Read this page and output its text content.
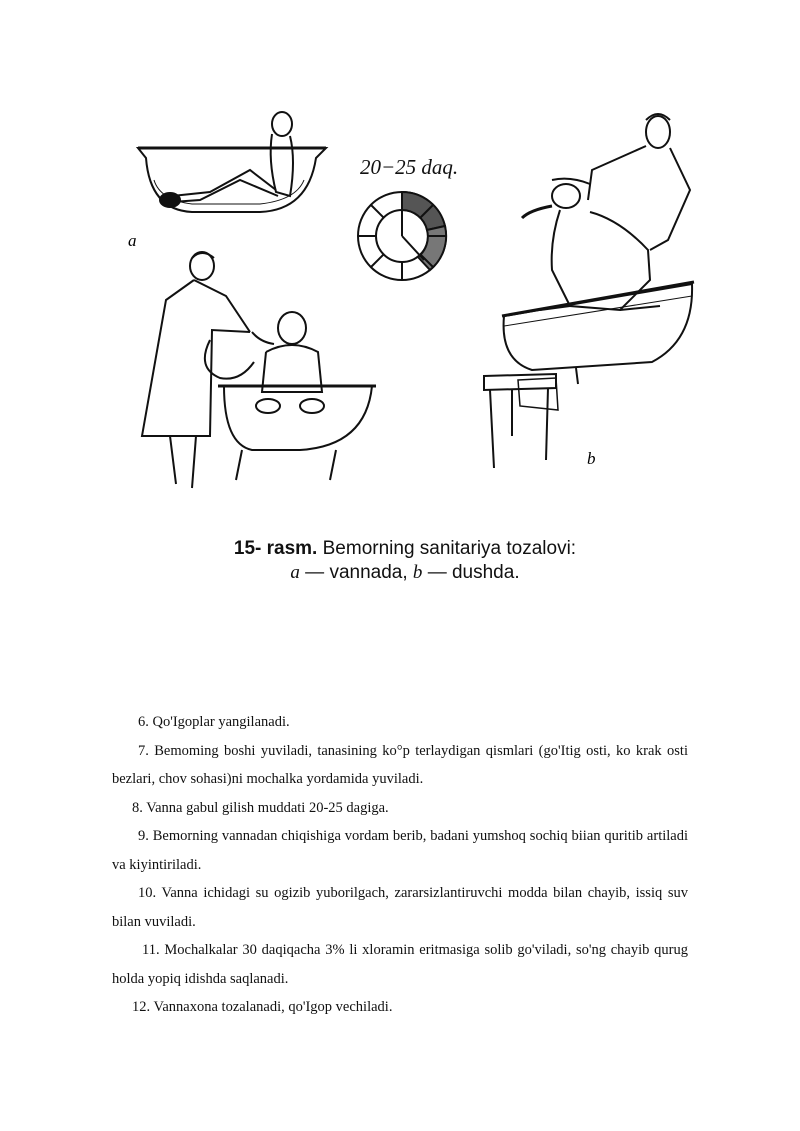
a
b
20−25 daq.
15- rasm. Bemorning sanitariya tozalovi:
a — vannada, b — dushda.

6. Qo'Igoplar yangilanadi.

7. Bemoming boshi yuviladi, tanasining ko°p terlaydigan qismlari (go'Itig osti, ko krak osti bezlari, chov sohasi)ni mochalka yordamida yuviladi.

8. Vanna gabul gilish muddati 20-25 dagiga.

9. Bemorning vannadan chiqishiga vordam berib, badani yumshoq sochiq biian quritib artiladi va kiyintiriladi.

10. Vanna ichidagi su ogizib yuborilgach, zararsizlantiruvchi modda bilan chayib, issiq suv bilan vuviladi.

11. Mochalkalar 30 daqiqacha 3% li xloramin eritmasiga solib go'viladi, so'ng chayib qurug holda yopiq idishda saqlanadi.

12. Vannaxona tozalanadi, qo'Igop vechiladi.
